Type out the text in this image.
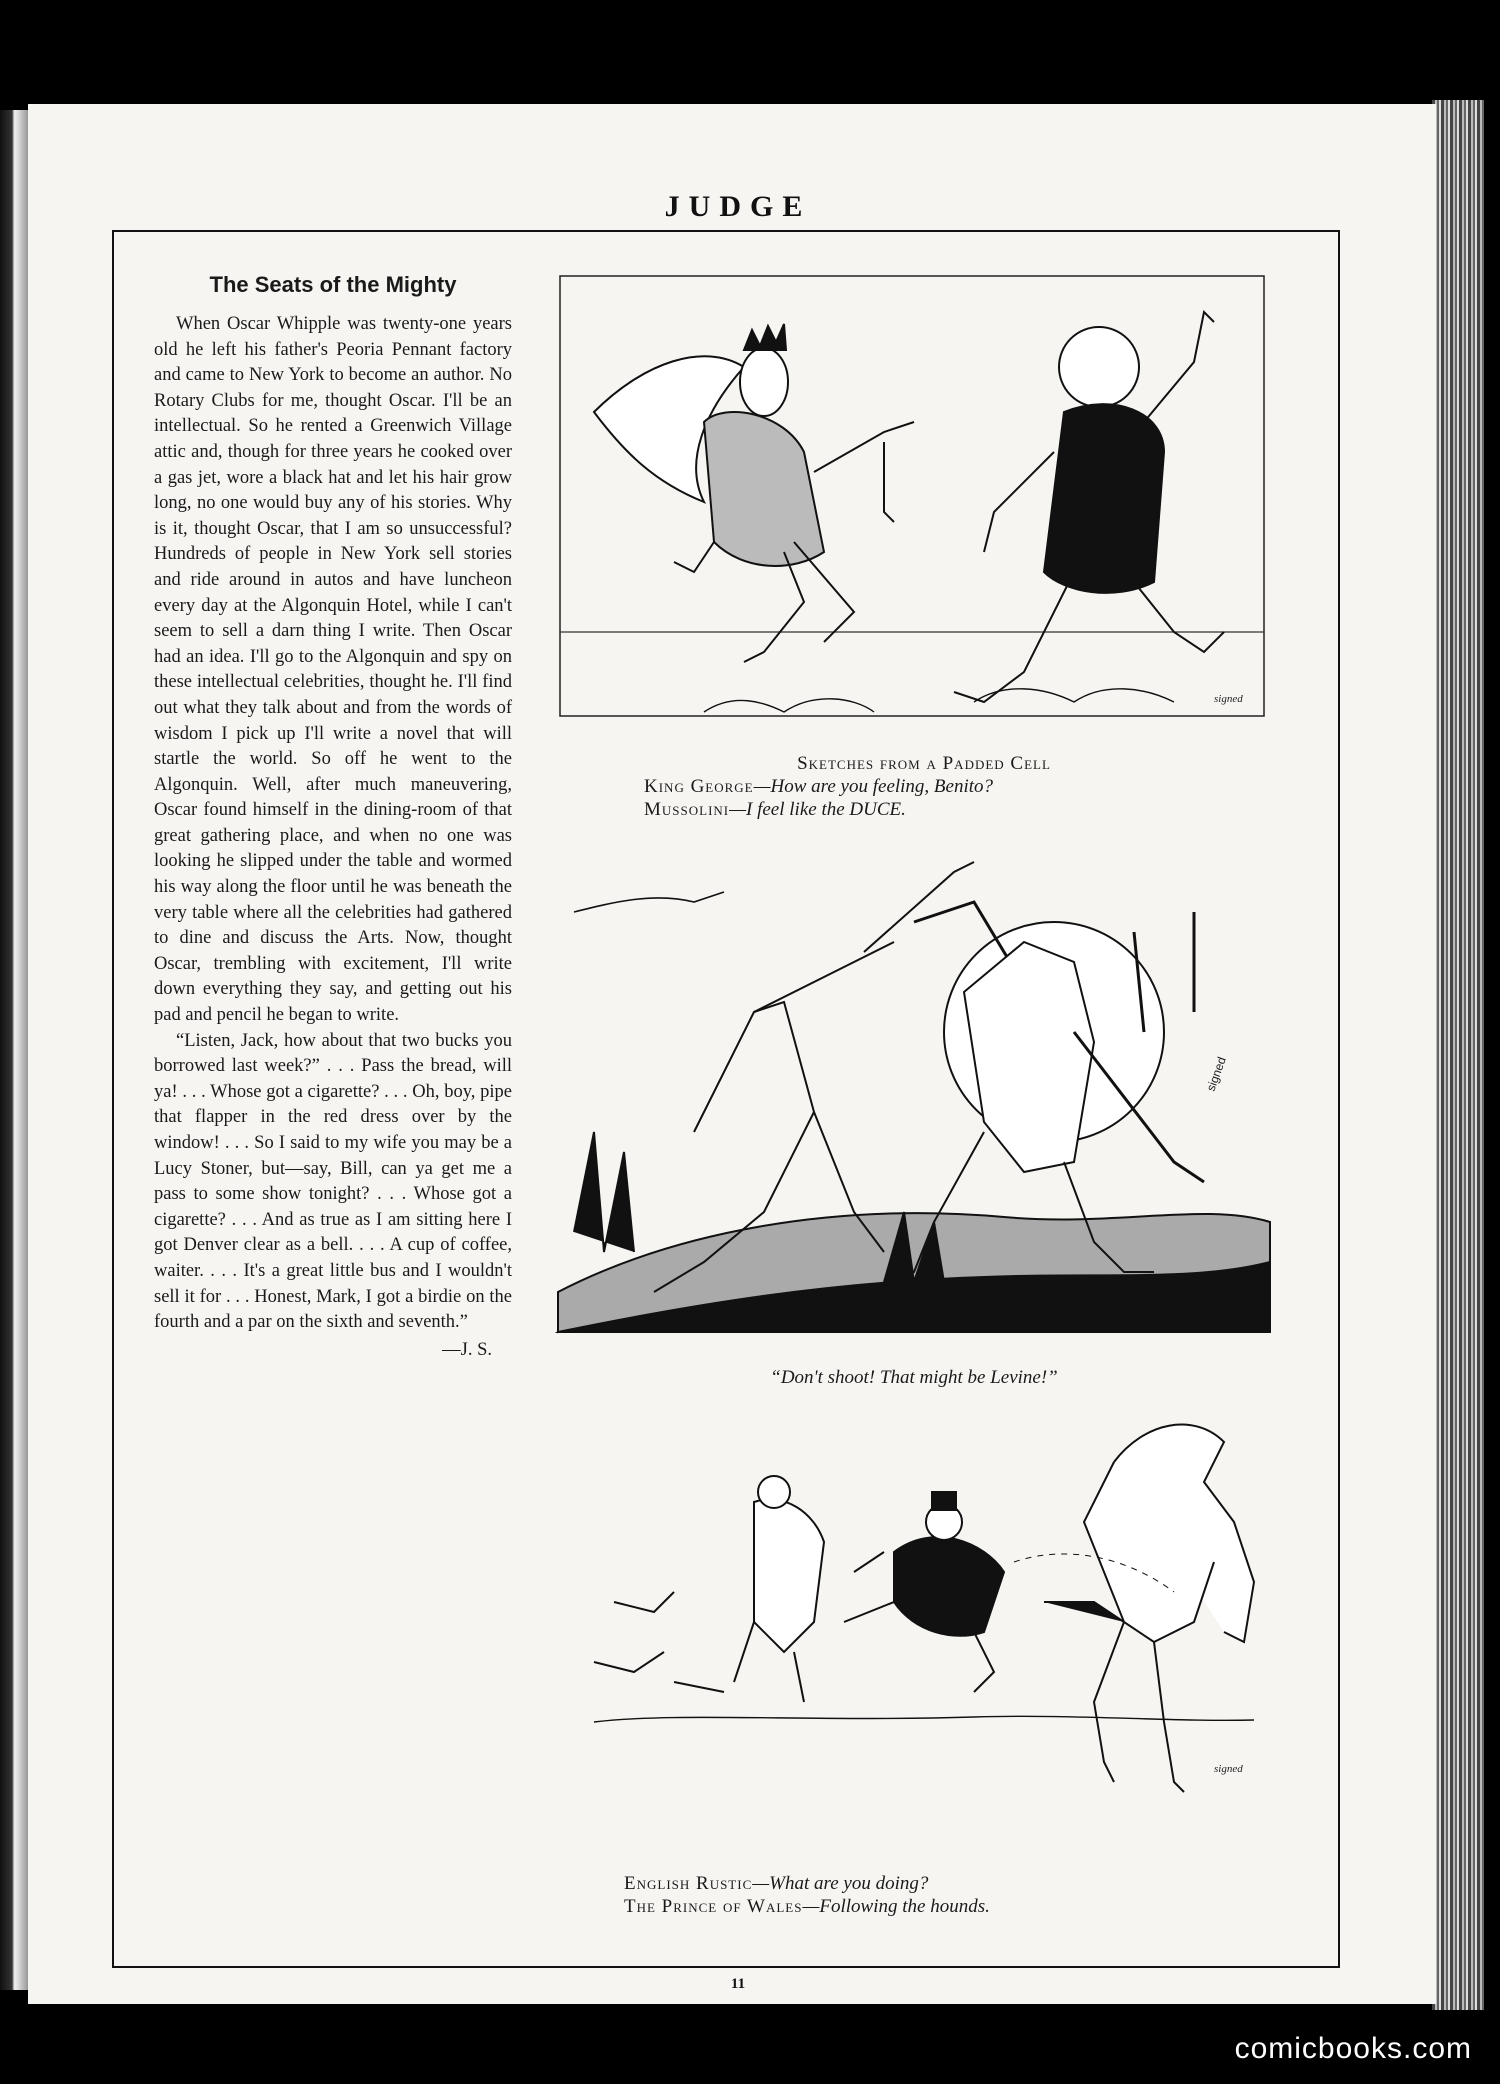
JUDGE
The Seats of the Mighty

When Oscar Whipple was twenty-one years old he left his father's Peoria Pennant factory and came to New York to become an author. No Rotary Clubs for me, thought Oscar. I'll be an intellectual. So he rented a Greenwich Village attic and, though for three years he cooked over a gas jet, wore a black hat and let his hair grow long, no one would buy any of his stories. Why is it, thought Oscar, that I am so unsuccessful? Hundreds of people in New York sell stories and ride around in autos and have luncheon every day at the Algonquin Hotel, while I can't seem to sell a darn thing I write. Then Oscar had an idea. I'll go to the Algonquin and spy on these intellectual celebrities, thought he. I'll find out what they talk about and from the words of wisdom I pick up I'll write a novel that will startle the world. So off he went to the Algonquin. Well, after much maneuvering, Oscar found himself in the dining-room of that great gathering place, and when no one was looking he slipped under the table and wormed his way along the floor until he was beneath the very table where all the celebrities had gathered to dine and discuss the Arts. Now, thought Oscar, trembling with excitement, I'll write down everything they say, and getting out his pad and pencil he began to write.

“Listen, Jack, how about that two bucks you borrowed last week?” . . . Pass the bread, will ya! . . . Whose got a cigarette? . . . Oh, boy, pipe that flapper in the red dress over by the window! . . . So I said to my wife you may be a Lucy Stoner, but—say, Bill, can ya get me a pass to some show tonight? . . . Whose got a cigarette? . . . And as true as I am sitting here I got Denver clear as a bell. . . . A cup of coffee, waiter. . . . It's a great little bus and I wouldn't sell it for . . . Honest, Mark, I got a birdie on the fourth and a par on the sixth and seventh.”

—J. S.

signed
Sketches from a Padded Cell
King George—How are you feeling, Benito?
Mussolini—I feel like the DUCE.
signed
“Don't shoot! That might be Levine!”
signed
English Rustic—What are you doing?
The Prince of Wales—Following the hounds.
11
comicbooks.com
